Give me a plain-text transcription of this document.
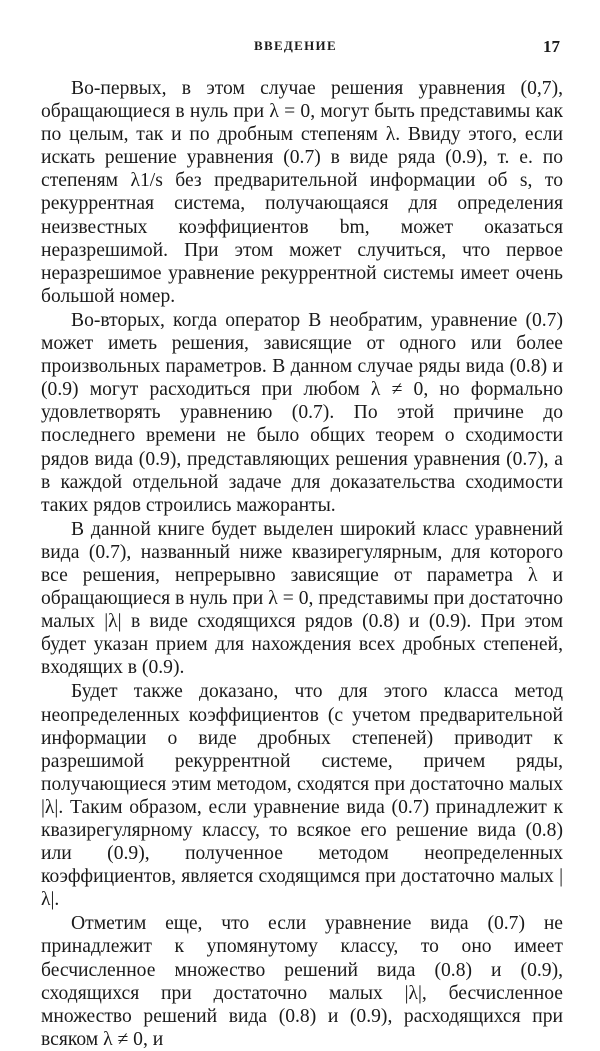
ВВЕДЕНИЕ	17

Во-первых, в этом случае решения уравнения (0,7), обращающиеся в нуль при λ = 0, могут быть представимы как по целым, так и по дробным степеням λ. Ввиду этого, если искать решение уравнения (0.7) в виде ряда (0.9), т. е. по степеням λ1/s без предварительной информации об s, то рекуррентная система, получающаяся для определения неизвестных коэффициентов bm, может оказаться неразрешимой. При этом может случиться, что первое неразрешимое уравнение рекуррентной системы имеет очень большой номер.

Во-вторых, когда оператор B необратим, уравнение (0.7) может иметь решения, зависящие от одного или более произвольных параметров. В данном случае ряды вида (0.8) и (0.9) могут расходиться при любом λ ≠ 0, но формально удовлетворять уравнению (0.7). По этой причине до последнего времени не было общих теорем о сходимости рядов вида (0.9), представляющих решения уравнения (0.7), а в каждой отдельной задаче для доказательства сходимости таких рядов строились мажоранты.

В данной книге будет выделен широкий класс уравнений вида (0.7), названный ниже квазирегулярным, для которого все решения, непрерывно зависящие от параметра λ и обращающиеся в нуль при λ = 0, представимы при достаточно малых |λ| в виде сходящихся рядов (0.8) и (0.9). При этом будет указан прием для нахождения всех дробных степеней, входящих в (0.9).

Будет также доказано, что для этого класса метод неопределенных коэффициентов (с учетом предварительной информации о виде дробных степеней) приводит к разрешимой рекуррентной системе, причем ряды, получающиеся этим методом, сходятся при достаточно малых |λ|. Таким образом, если уравнение вида (0.7) принадлежит к квазирегулярному классу, то всякое его решение вида (0.8) или (0.9), полученное методом неопределенных коэффициентов, является сходящимся при достаточно малых |λ|.

Отметим еще, что если уравнение вида (0.7) не принадлежит к упомянутому классу, то оно имеет бесчисленное множество решений вида (0.8) и (0.9), сходящихся при достаточно малых |λ|, бесчисленное множество решений вида (0.8) и (0.9), расходящихся при всяком λ ≠ 0, и
